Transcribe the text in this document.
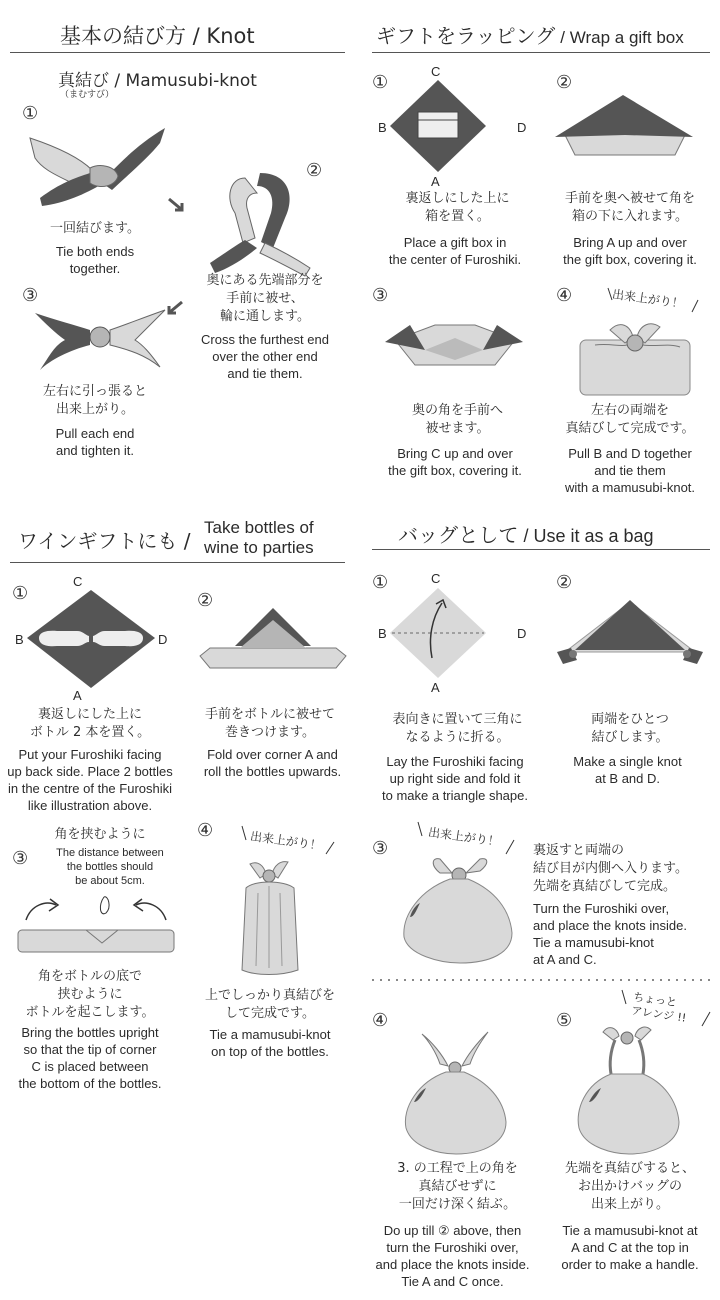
基本の結び方 / Knot
真結び / Mamusubi-knot
（まむすび）
①
一回結びます。
Tie both ends
together.
②
奥にある先端部分を
手前に被せ、
輪に通します。
Cross the furthest end
over the other end
and tie them.
③
左右に引っ張ると
出来上がり。
Pull each end
and tighten it.
ギフトをラッピング / Wrap a gift box
①
C
B	D
A
裏返しにした上に
箱を置く。
Place a gift box in
the center of Furoshiki.
②
手前を奥へ被せて角を
箱の下に入れます。
Bring A up and over
the gift box, covering it.
③
奥の角を手前へ
被せます。
Bring C up and over
the gift box, covering it.
④	出来上がり！
左右の両端を
真結びして完成です。
Pull B and D together
and tie them
with a mamusubi-knot.
ワインギフトにも /
Take bottles of
wine to parties
①
C
B	D
A
裏返しにした上に
ボトル 2 本を置く。
Put your Furoshiki facing
up back side. Place 2 bottles
in the centre of the Furoshiki
like illustration above.
②
手前をボトルに被せて
巻きつけます。
Fold over corner A and
roll the bottles upwards.
③
角を挟むように
The distance between
the bottles should
be about 5cm.
角をボトルの底で
挟むように
ボトルを起こします。
Bring the bottles upright
so that the tip of corner
C is placed between
the bottom of the bottles.
④	出来上がり！
上でしっかり真結びを
して完成です。
Tie a mamusubi-knot
on top of the bottles.
バッグとして / Use it as a bag
①	C
B	D
A
表向きに置いて三角に
なるように折る。
Lay the Furoshiki facing
up right side and fold it
to make a triangle shape.
②
両端をひとつ
結びします。
Make a single knot
at B and D.
③	出来上がり！
裏返すと両端の
結び目が内側へ入ります。
先端を真結びして完成。
Turn the Furoshiki over,
and place the knots inside.
Tie a mamusubi-knot
at A and C.
④
3. の工程で上の角を
真結びせずに
一回だけ深く結ぶ。
Do up till ② above, then
turn the Furoshiki over,
and place the knots inside.
Tie A and C once.
⑤
ちょっと
アレンジ !!
先端を真結びすると、
お出かけバッグの
出来上がり。
Tie a mamusubi-knot at
A and C at the top in
order to make a handle.
